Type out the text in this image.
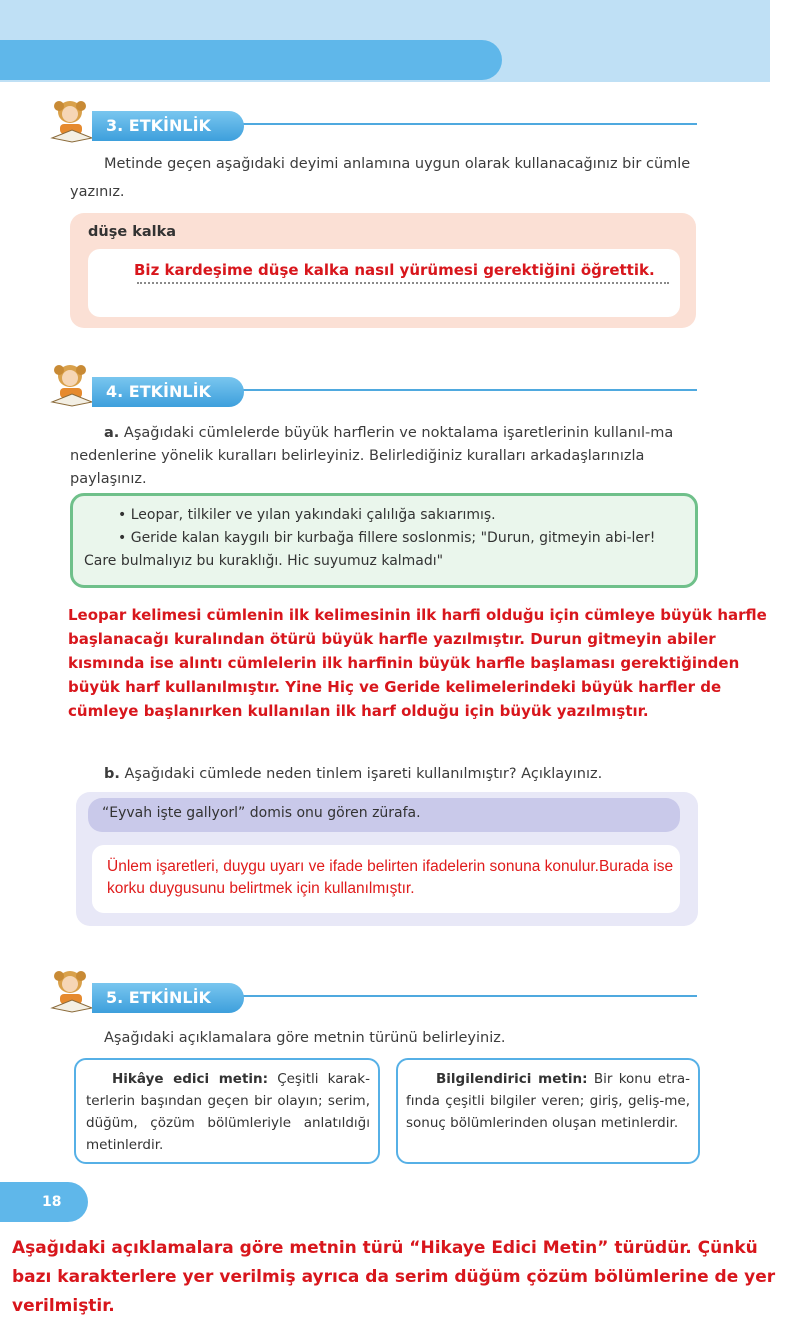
3. ETKİNLİK
Metinde geçen aşağıdaki deyimi anlamına uygun olarak kullanacağınız bir cümle yazınız.
düşe kalka
Biz kardeşime düşe kalka nasıl yürümesi gerektiğini öğrettik.
4. ETKİNLİK
a. Aşağıdaki cümlelerde büyük harflerin ve noktalama işaretlerinin kullanıl-ma nedenlerine yönelik kuralları belirleyiniz. Belirlediğiniz kuralları arkadaşlarınızla paylaşınız.
• Leopar, tilkiler ve yılan yakındaki çalılığa sakıarımış.
• Geride kalan kaygılı bir kurbağa fillere soslonmis; "Durun, gitmeyin abi-ler! Care bulmalıyız bu kuraklığı. Hic suyumuz kalmadı"
Leopar kelimesi cümlenin ilk kelimesinin ilk harfi olduğu için cümleye büyük harfle başlanacağı kuralından ötürü büyük harfle yazılmıştır. Durun gitmeyin abiler kısmında ise alıntı cümlelerin ilk harfinin büyük harfle başlaması gerektiğinden büyük harf kullanılmıştır. Yine Hiç ve Geride kelimelerindeki büyük harfler de cümleye başlanırken kullanılan ilk harf olduğu için büyük yazılmıştır.
b. Aşağıdaki cümlede neden tinlem işareti kullanılmıştır? Açıklayınız.
“Eyvah işte gallyorl” domis onu gören zürafa.
Ünlem işaretleri, duygu uyarı ve ifade belirten ifadelerin sonuna konulur.Burada ise korku duygusunu belirtmek için kullanılmıştır.
5. ETKİNLİK
Aşağıdaki açıklamalara göre metnin türünü belirleyiniz.
Hikâye edici metin: Çeşitli karak-terlerin başından geçen bir olayın; serim, düğüm, çözüm bölümleriyle anlatıldığı metinlerdir.
Bilgilendirici metin: Bir konu etra-fında çeşitli bilgiler veren; giriş, geliş-me, sonuç bölümlerinden oluşan metinlerdir.
18
Aşağıdaki açıklamalara göre metnin türü “Hikaye Edici Metin” türüdür. Çünkü bazı karakterlere yer verilmiş ayrıca da serim düğüm çözüm bölümlerine de yer verilmiştir.
